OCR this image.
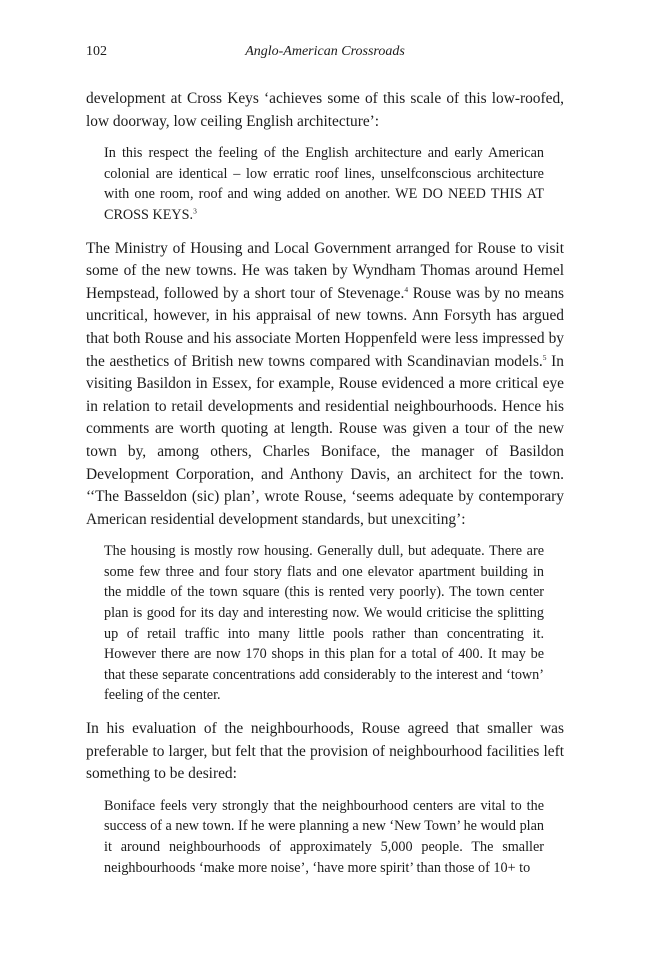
102	Anglo-American Crossroads

development at Cross Keys ‘achieves some of this scale of this low-roofed, low doorway, low ceiling English architecture’:

In this respect the feeling of the English architecture and early American colonial are identical – low erratic roof lines, unselfconscious architecture with one room, roof and wing added on another. WE DO NEED THIS AT CROSS KEYS.$^3$

The Ministry of Housing and Local Government arranged for Rouse to visit some of the new towns. He was taken by Wyndham Thomas around Hemel Hempstead, followed by a short tour of Stevenage.$^4$ Rouse was by no means uncritical, however, in his appraisal of new towns. Ann Forsyth has argued that both Rouse and his associate Morten Hoppenfeld were less impressed by the aesthetics of British new towns compared with Scandinavian models.$^5$ In visiting Basildon in Essex, for example, Rouse evidenced a more critical eye in relation to retail developments and residential neighbourhoods. Hence his comments are worth quoting at length. Rouse was given a tour of the new town by, among others, Charles Boniface, the manager of Basildon Development Corporation, and Anthony Davis, an architect for the town. ‘‘The Basseldon (sic) plan’, wrote Rouse, ‘seems adequate by contemporary American residential development standards, but unexciting’:

The housing is mostly row housing. Generally dull, but adequate. There are some few three and four story flats and one elevator apartment building in the middle of the town square (this is rented very poorly). The town center plan is good for its day and interesting now. We would criticise the splitting up of retail traffic into many little pools rather than concentrating it. However there are now 170 shops in this plan for a total of 400. It may be that these separate concentrations add considerably to the interest and ‘town’ feeling of the center.

In his evaluation of the neighbourhoods, Rouse agreed that smaller was preferable to larger, but felt that the provision of neighbourhood facilities left something to be desired:

Boniface feels very strongly that the neighbourhood centers are vital to the success of a new town. If he were planning a new ‘New Town’ he would plan it around neighbourhoods of approximately 5,000 people. The smaller neighbourhoods ‘make more noise’, ‘have more spirit’ than those of 10+ to
